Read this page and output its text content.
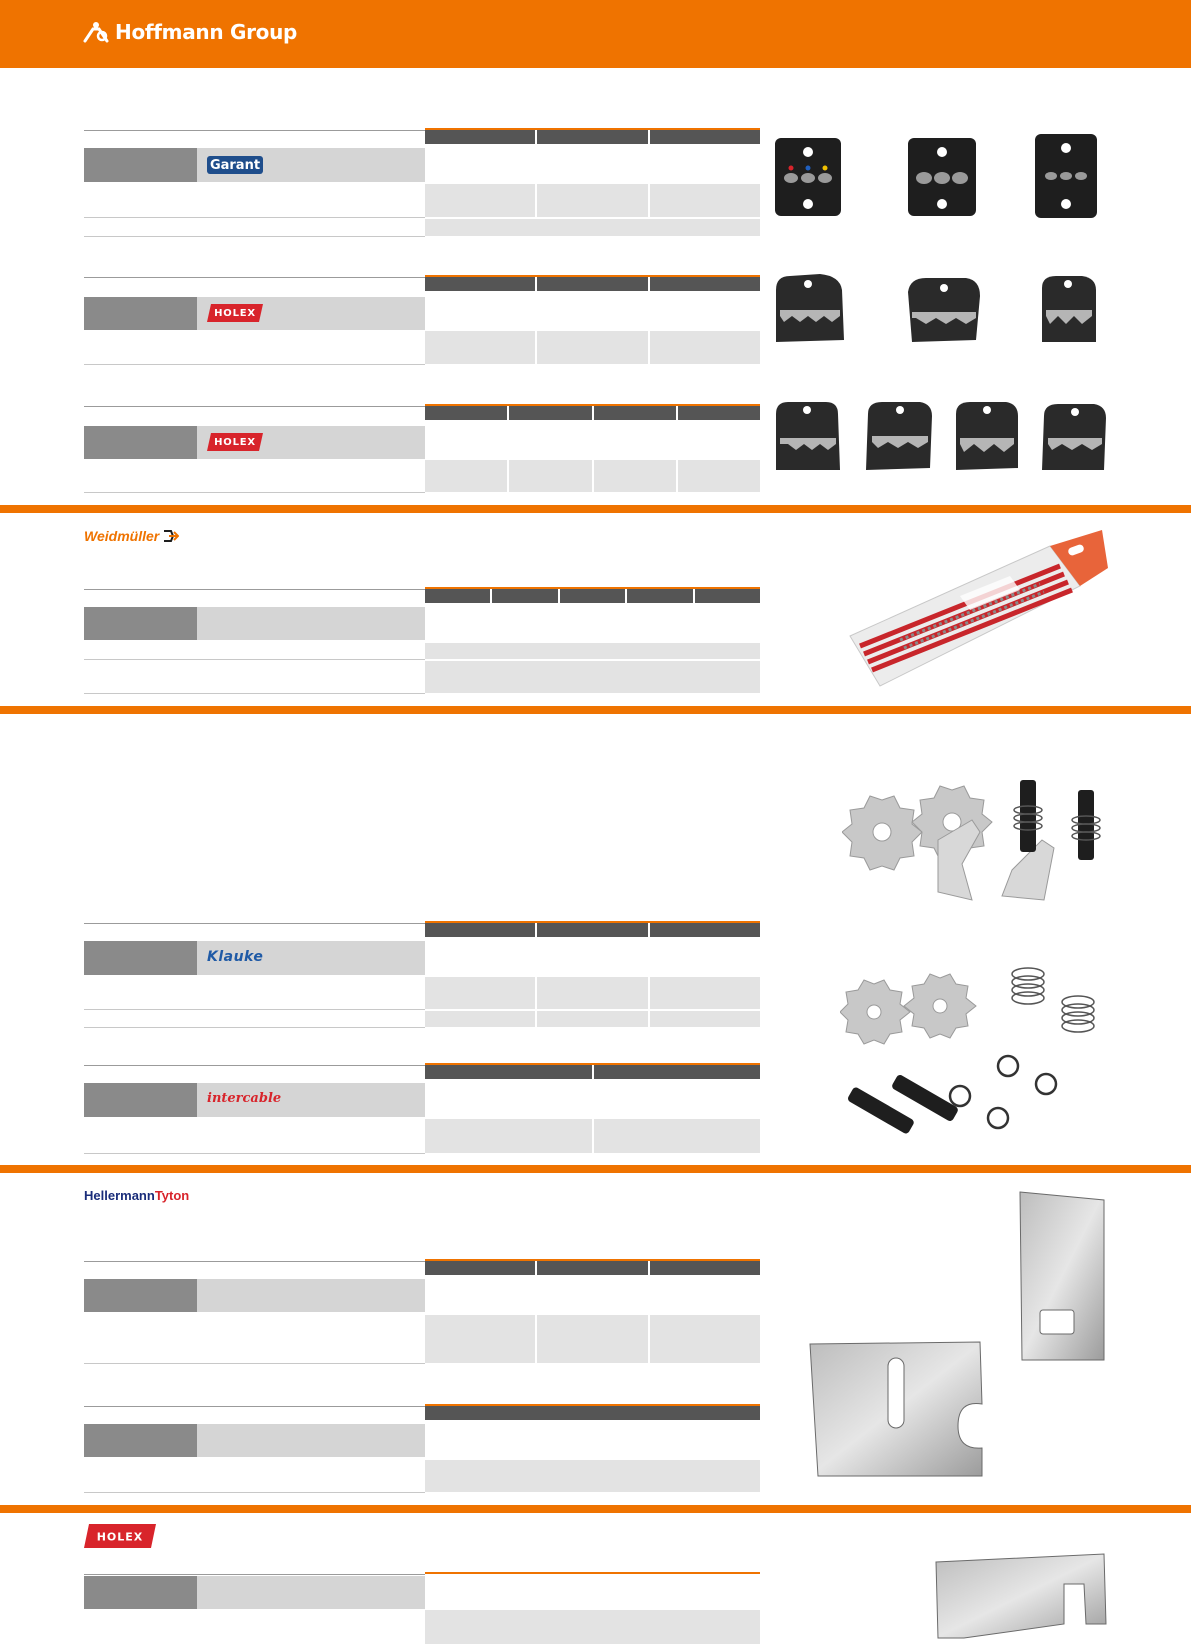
Hoffmann Group
Garant
HOLEX
HOLEX
Weidmüller
Klauke
intercable
HellermannTyton
HOLEX
